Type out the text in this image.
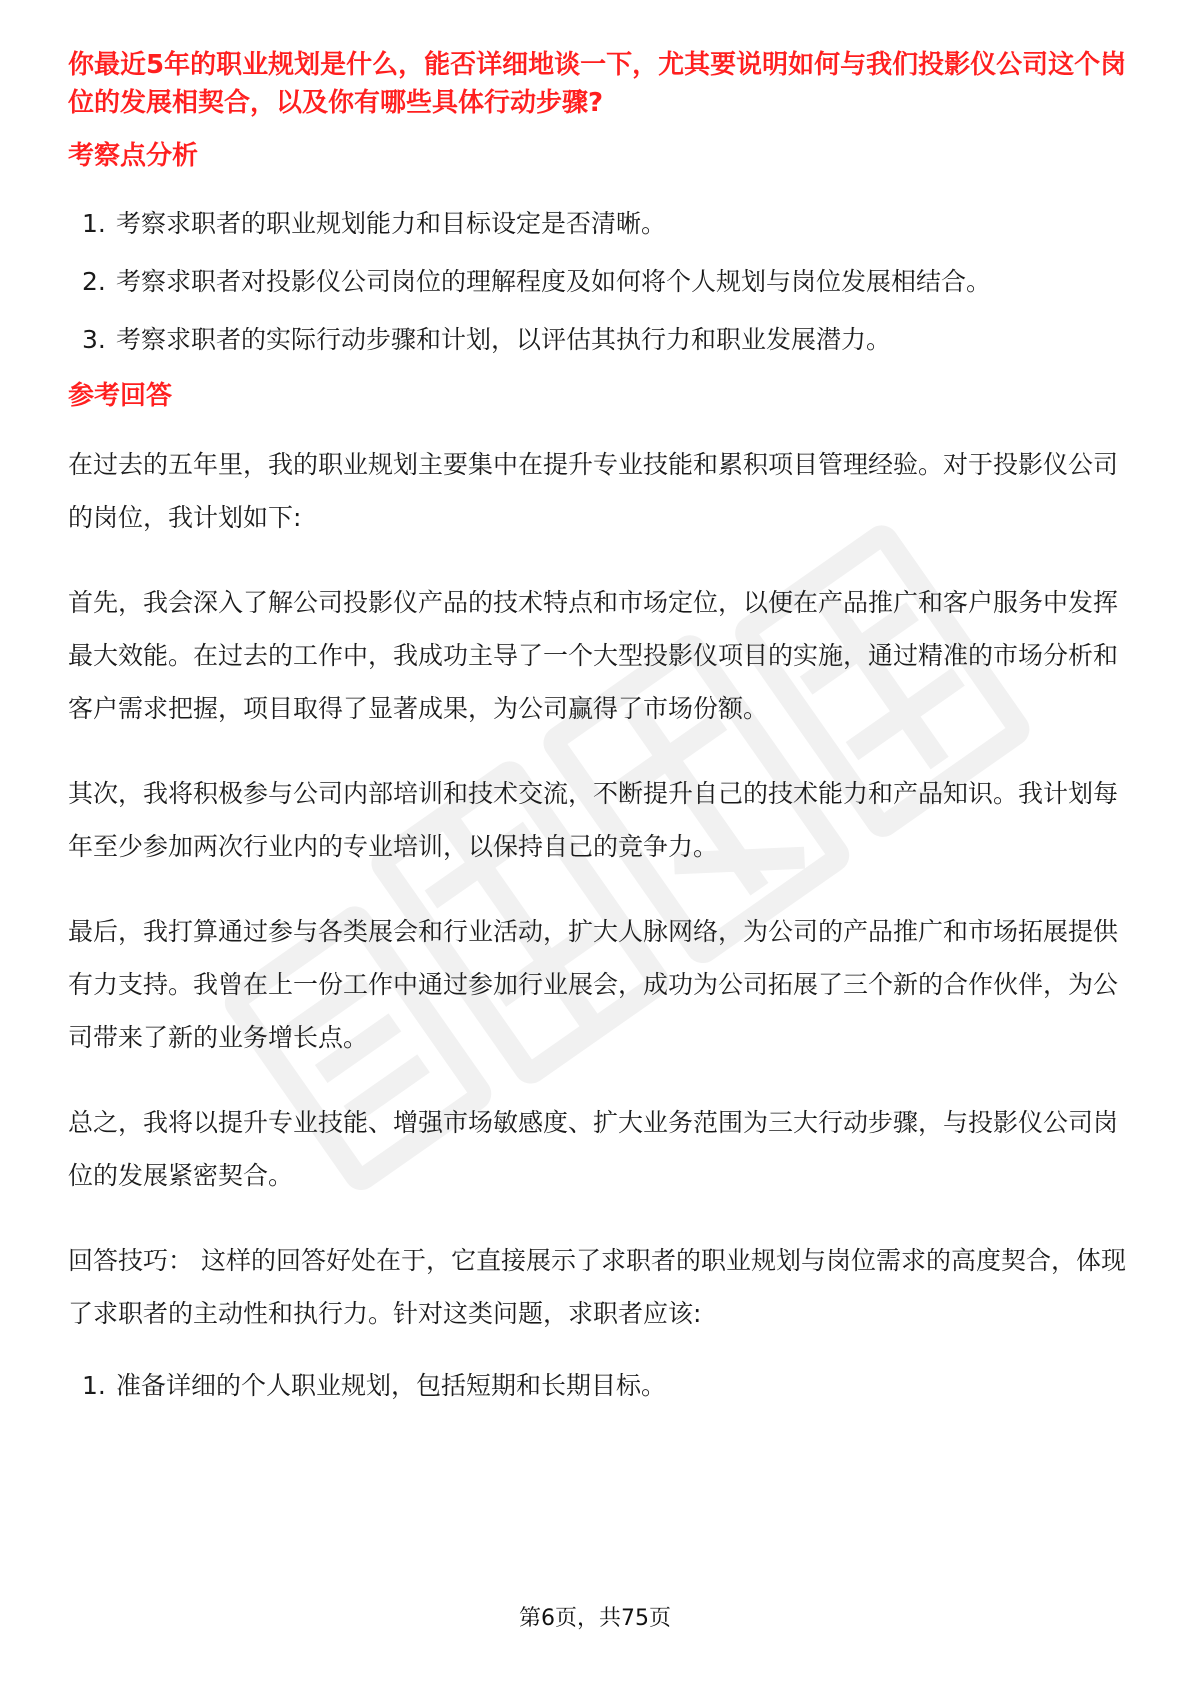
你最近5年的职业规划是什么，能否详细地谈一下，尤其要说明如何与我们投影仪公司这个岗位的发展相契合，以及你有哪些具体行动步骤?

考察点分析
1. 考察求职者的职业规划能力和目标设定是否清晰。
2. 考察求职者对投影仪公司岗位的理解程度及如何将个人规划与岗位发展相结合。
3. 考察求职者的实际行动步骤和计划，以评估其执行力和职业发展潜力。
参考回答

在过去的五年里，我的职业规划主要集中在提升专业技能和累积项目管理经验。对于投影仪公司的岗位，我计划如下:

首先，我会深入了解公司投影仪产品的技术特点和市场定位，以便在产品推广和客户服务中发挥最大效能。在过去的工作中，我成功主导了一个大型投影仪项目的实施，通过精准的市场分析和客户需求把握，项目取得了显著成果，为公司赢得了市场份额。

其次，我将积极参与公司内部培训和技术交流，不断提升自己的技术能力和产品知识。我计划每年至少参加两次行业内的专业培训，以保持自己的竞争力。

最后，我打算通过参与各类展会和行业活动，扩大人脉网络，为公司的产品推广和市场拓展提供有力支持。我曾在上一份工作中通过参加行业展会，成功为公司拓展了三个新的合作伙伴，为公司带来了新的业务增长点。

总之，我将以提升专业技能、增强市场敏感度、扩大业务范围为三大行动步骤，与投影仪公司岗位的发展紧密契合。

回答技巧： 这样的回答好处在于，它直接展示了求职者的职业规划与岗位需求的高度契合，体现了求职者的主动性和执行力。针对这类问题，求职者应该:

1. 准备详细的个人职业规划，包括短期和长期目标。
第6页，共75页
